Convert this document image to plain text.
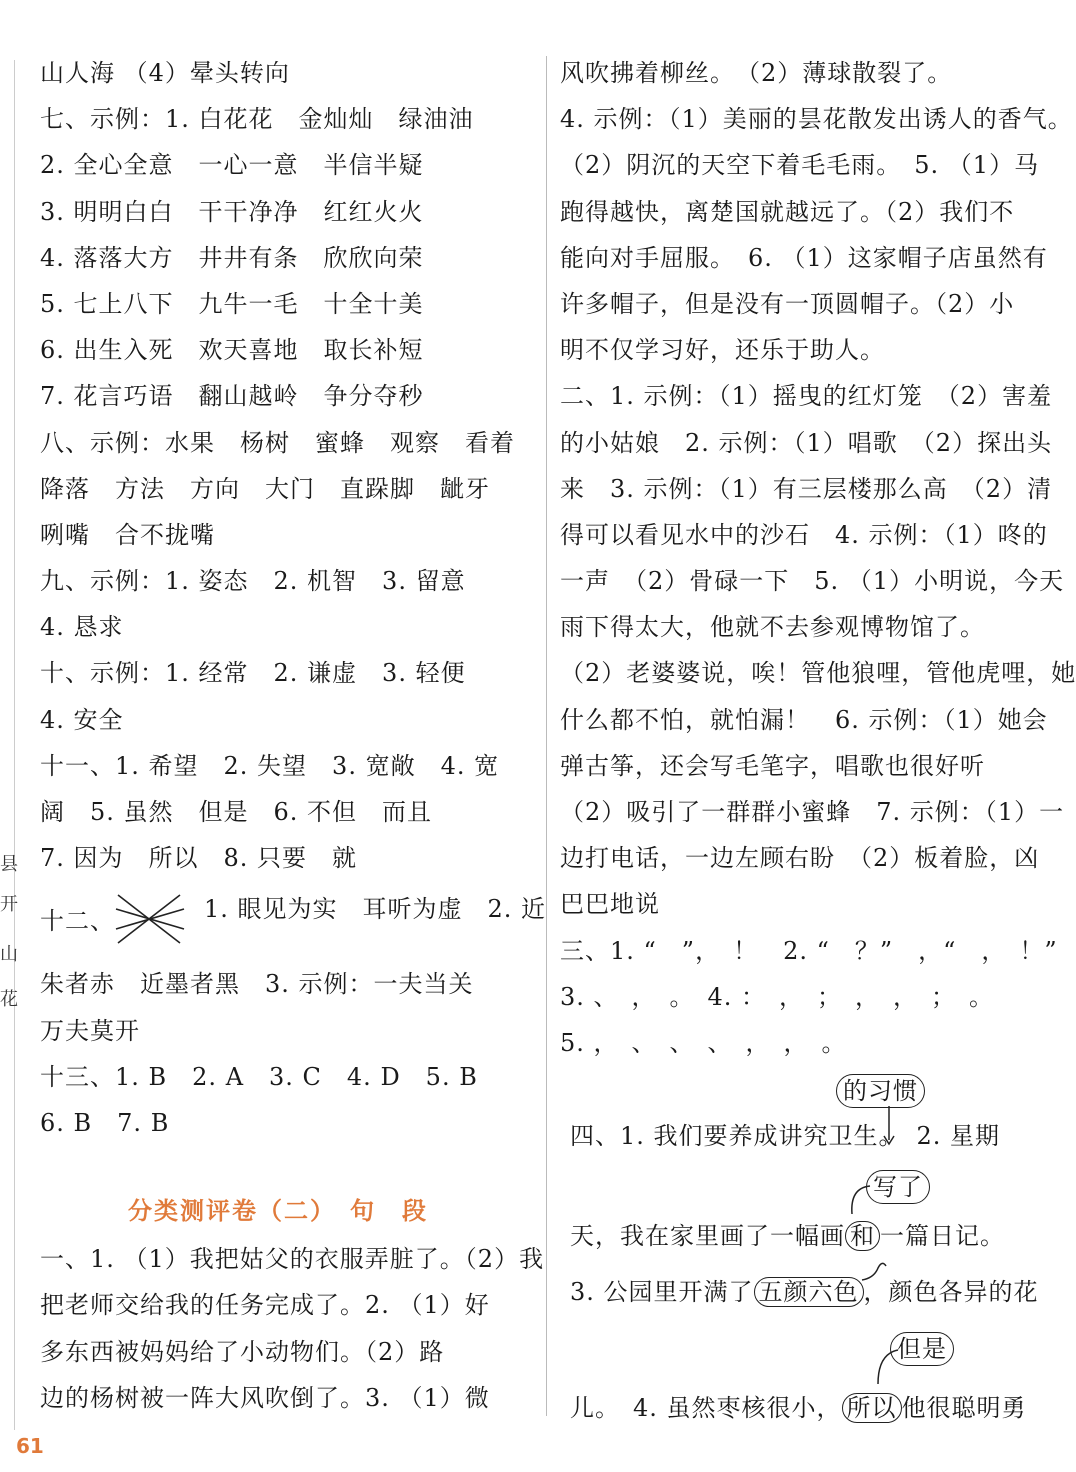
县
开
山
花
山人海 （4）晕头转向
七、示例：1. 白花花　金灿灿　绿油油
2. 全心全意　一心一意　半信半疑
3. 明明白白　干干净净　红红火火
4. 落落大方　井井有条　欣欣向荣
5. 七上八下　九牛一毛　十全十美
6. 出生入死　欢天喜地　取长补短
7. 花言巧语　翻山越岭　争分夺秒
八、示例：水果　杨树　蜜蜂　观察　看着
降落　方法　方向　大门　直跺脚　龇牙
咧嘴　合不拢嘴
九、示例：1. 姿态　2. 机智　3. 留意
4. 恳求
十、示例：1. 经常　2. 谦虚　3. 轻便
4. 安全
十一、1. 希望　2. 失望　3. 宽敞　4. 宽
阔　5. 虽然　但是　6. 不但　而且
7. 因为　所以　8. 只要　就
十二、	1. 眼见为实　耳听为虚　2. 近
朱者赤　近墨者黑　3. 示例：一夫当关
万夫莫开
十三、1. B　2. A　3. C　4. D　5. B
6. B　7. B
分类测评卷（二）　句　段
一、1. （1）我把姑父的衣服弄脏了。（2）我
把老师交给我的任务完成了。2. （1）好
多东西被妈妈给了小动物们。（2）路
边的杨树被一阵大风吹倒了。3. （1）微
风吹拂着柳丝。　（2）薄球散裂了。
4. 示例：（1）美丽的昙花散发出诱人的香气。
（2）阴沉的天空下着毛毛雨。　5. （1）马
跑得越快，离楚国就越远了。（2）我们不
能向对手屈服。　6. （1）这家帽子店虽然有
许多帽子，但是没有一顶圆帽子。（2）小
明不仅学习好，还乐于助人。
二、1. 示例：（1）摇曳的红灯笼　（2）害羞
的小姑娘　2. 示例：（1）唱歌　（2）探出头
来　3. 示例：（1）有三层楼那么高　（2）清
得可以看见水中的沙石　4. 示例：（1）咚的
一声　（2）骨碌一下　5. （1）小明说，今天
雨下得太大，他就不去参观博物馆了。
（2）老婆婆说，唉！管他狼哩，管他虎哩，她
什么都不怕，就怕漏！　6. 示例：（1）她会
弹古筝，还会写毛笔字，唱歌也很好听
（2）吸引了一群群小蜜蜂　7. 示例：（1）一
边打电话，一边左顾右盼　（2）板着脸，凶
巴巴地说
三、1. “　”，　！　2. “　？”　，“　，　！”
3. 、　，　。　4. ：　，　；　，　，　；　。
5. ，　、　、　、　，　，　。
的习惯
四、1. 我们要养成讲究卫生。　2. 星期
写了
天，我在家里画了一幅画 和 一篇日记。
3. 公园里开满了 五颜六色 ，颜色各异的花
但是
儿。　4. 虽然枣核很小， 所以 他很聪明勇
61
